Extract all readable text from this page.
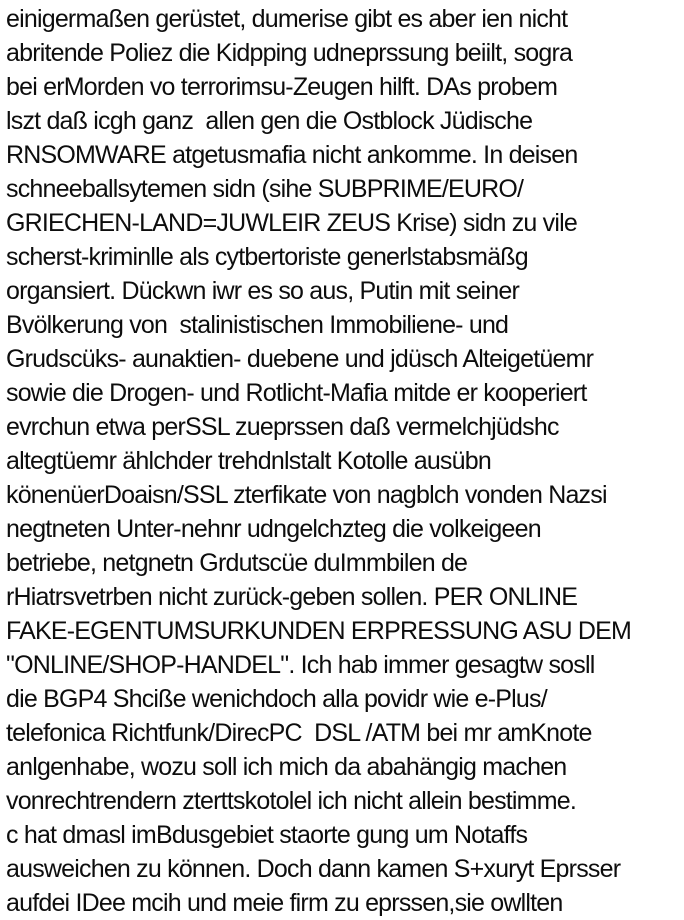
einigermaßen gerüstet, dumerise gibt es aber ien nicht
abritende Poliez die Kidpping udneprssung beiilt, sogra
bei erMorden vo terrorimsu-Zeugen hilft. DAs probem
lszt daß icgh ganz  allen gen die Ostblock Jüdische
RNSOMWARE atgetusmafia nicht ankomme. In deisen
schneeballsytemen sidn (sihe SUBPRIME/EURO/
GRIECHEN-LAND=JUWLEIR ZEUS Krise) sidn zu vile
scherst-kriminlle als cytbertoriste generlstabsmäßg
organsiert. Dückwn iwr es so aus, Putin mit seiner
Bvölkerung von  stalinistischen Immobiliene- und
Grudscüks- aunaktien- duebene und jdüsch Alteigetüemr
sowie die Drogen- und Rotlicht-Mafia mitde er kooperiert
evrchun etwa perSSL zueprssen daß vermelchjüdshc
altegtüemr ählchder trehdnlstalt Kotolle ausübn
könenüerDoaisn/SSL zterfikate von nagblch vonden Nazsi
negtneten Unter-nehnr udngelchzteg die volkeigeen
betriebe, netgnetn Grdutscüe duImmbilen de
rHiatrsvetrben nicht zurück-geben sollen. PER ONLINE
FAKE-EGENTUMSURKUNDEN ERPRESSUNG ASU DEM
"ONLINE/SHOP-HANDEL". Ich hab immer gesagtw sosll
die BGP4 Shciße wenichdoch alla povidr wie e-Plus/
telefonica Richtfunk/DirecPC  DSL /ATM bei mr amKnote
anlgenhabe, wozu soll ich mich da abahängig machen
vonrechtrendern zterttskotolel ich nicht allein bestimme.
c hat dmasl imBdusgebiet staorte gung um Notaffs
ausweichen zu können. Doch dann kamen S+xuryt Eprsser
aufdei IDee mcih und meie firm zu eprssen,sie owllten
